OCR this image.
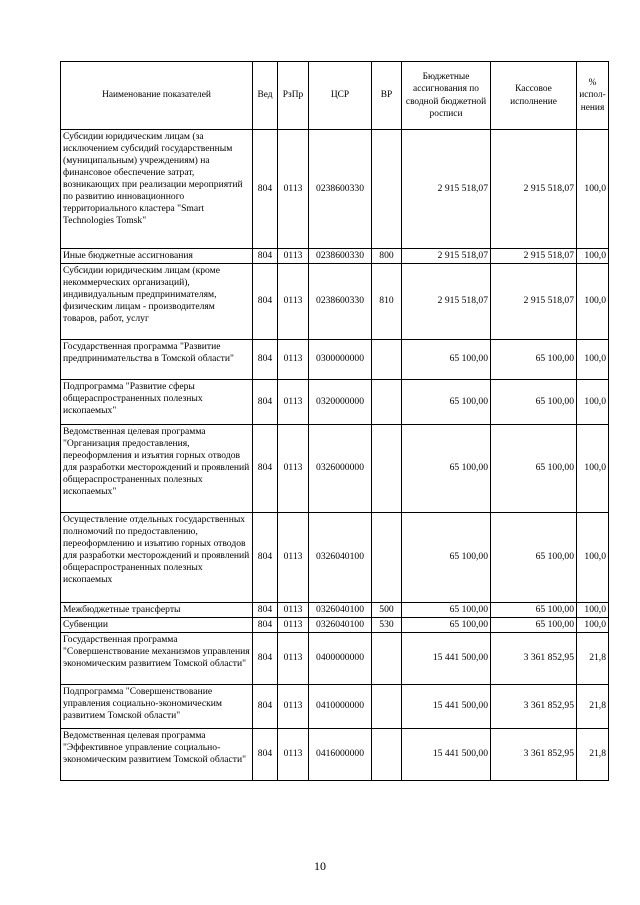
Наименование показателей	Вед	РзПр	ЦСР	ВР	Бюджетные ассигнования по сводной бюджетной росписи	Кассовое исполнение	% испол-нения
Субсидии юридическим лицам (за исключением субсидий государственным (муниципальным) учреждениям) на финансовое обеспечение затрат, возникающих при реализации мероприятий по развитию инновационного территориального кластера "Smart Technologies Tomsk"	804	0113	0238600330		2 915 518,07	2 915 518,07	100,0
Иные бюджетные ассигнования	804	0113	0238600330	800	2 915 518,07	2 915 518,07	100,0
Субсидии юридическим лицам (кроме некоммерческих организаций), индивидуальным предпринимателям, физическим лицам - производителям товаров, работ, услуг	804	0113	0238600330	810	2 915 518,07	2 915 518,07	100,0
Государственная программа "Развитие предпринимательства в Томской области"	804	0113	0300000000		65 100,00	65 100,00	100,0
Подпрограмма "Развитие сферы общераспространенных полезных ископаемых"	804	0113	0320000000		65 100,00	65 100,00	100,0
Ведомственная целевая программа "Организация предоставления, переоформления и изъятия горных отводов для разработки месторождений и проявлений общераспространенных полезных ископаемых"	804	0113	0326000000		65 100,00	65 100,00	100,0
Осуществление отдельных государственных полномочий по предоставлению, переоформлению и изъятию горных отводов для разработки месторождений и проявлений общераспространенных полезных ископаемых	804	0113	0326040100		65 100,00	65 100,00	100,0
Межбюджетные трансферты	804	0113	0326040100	500	65 100,00	65 100,00	100,0
Субвенции	804	0113	0326040100	530	65 100,00	65 100,00	100,0
Государственная программа "Совершенствование механизмов управления экономическим развитием Томской области"	804	0113	0400000000		15 441 500,00	3 361 852,95	21,8
Подпрограмма "Совершенствование управления социально-экономическим развитием Томской области"	804	0113	0410000000		15 441 500,00	3 361 852,95	21,8
Ведомственная целевая программа "Эффективное управление социально-экономическим развитием Томской области"	804	0113	0416000000		15 441 500,00	3 361 852,95	21,8
10
